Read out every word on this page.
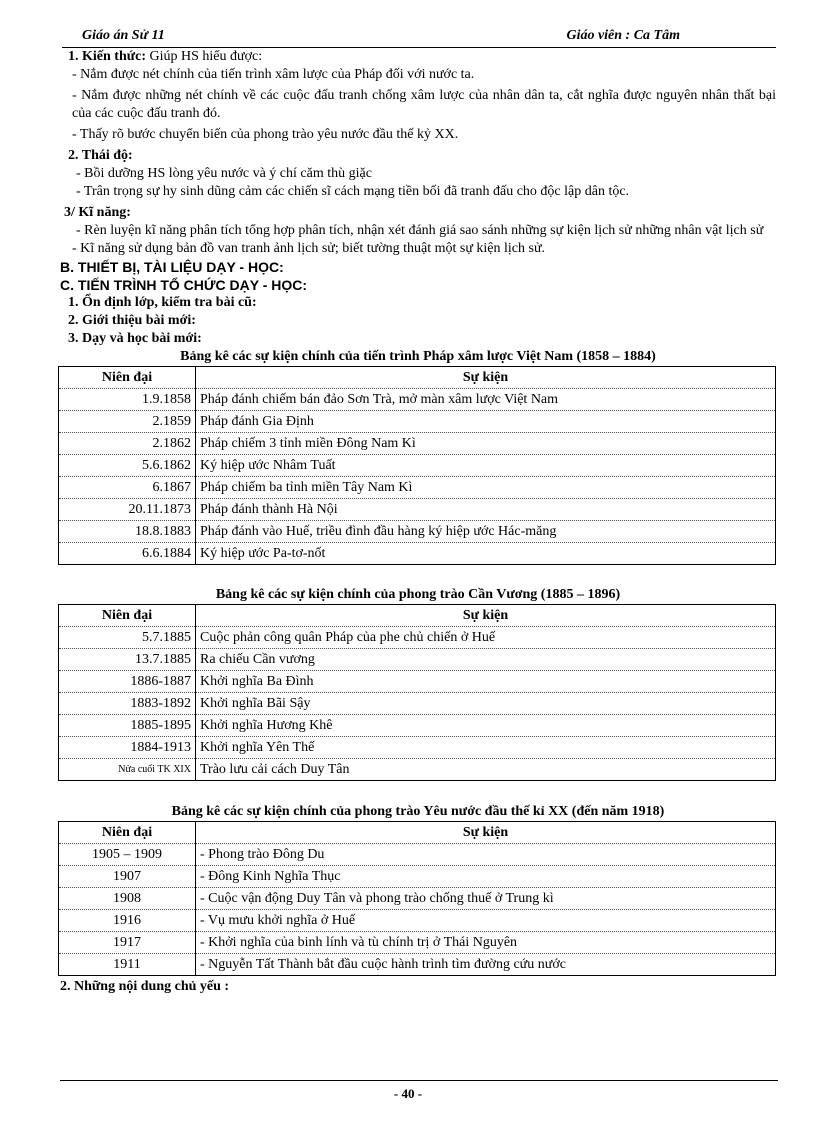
Giáo án Sử 11	Giáo viên : Ca Tâm

1. Kiến thức: Giúp HS hiểu được:

- Nắm được nét chính của tiến trình xâm lược của Pháp đối với nước ta.

- Nắm được những nét chính về các cuộc đấu tranh chống xâm lược của nhân dân ta, cắt nghĩa được nguyên nhân thất bại của các cuộc đấu tranh đó.

- Thấy rõ bước chuyển biến của phong trào yêu nước đầu thế kỷ XX.

2. Thái độ:

- Bồi dưỡng HS lòng yêu nước và ý chí căm thù giặc

- Trân trọng sự hy sinh dũng cảm các chiến sĩ cách mạng tiền bối đã tranh đấu cho độc lập dân tộc.

3/ Kĩ năng:

- Rèn luyện kĩ năng phân tích tổng hợp phân tích, nhận xét đánh giá sao sánh những sự kiện lịch sử những nhân vật lịch sử

- Kĩ năng sử dụng bản đồ van tranh ảnh lịch sử; biết tường thuật một sự kiện lịch sử.

B. THIẾT BỊ, TÀI LIỆU DẠY - HỌC:

C. TIẾN TRÌNH TỔ CHỨC DẠY - HỌC:

1. Ổn định lớp, kiểm tra bài cũ:

2. Giới thiệu bài mới:

3. Dạy và học bài mới:

Bảng kê các sự kiện chính của tiến trình Pháp xâm lược Việt Nam (1858 – 1884)

Niên đại	Sự kiện
1.9.1858	Pháp đánh chiếm bán đảo Sơn Trà, mở màn xâm lược Việt Nam
2.1859	Pháp đánh Gia Định
2.1862	Pháp chiếm 3 tỉnh miền Đông Nam Kì
5.6.1862	Ký hiệp ước Nhâm Tuất
6.1867	Pháp chiếm ba tỉnh miền Tây Nam Kì
20.11.1873	Pháp đánh thành Hà Nội
18.8.1883	Pháp đánh vào Huế, triều đình đầu hàng ký hiệp ước Hác-măng
6.6.1884	Ký hiệp ước Pa-tơ-nốt

Bảng kê các sự kiện chính của phong trào Cần Vương (1885 – 1896)

Niên đại	Sự kiện
5.7.1885	Cuộc phản công quân Pháp của phe chủ chiến ở Huế
13.7.1885	Ra chiếu Cần vương
1886-1887	Khởi nghĩa Ba Đình
1883-1892	Khởi nghĩa Bãi Sậy
1885-1895	Khởi nghĩa Hương Khê
1884-1913	Khởi nghĩa Yên Thế
Nửa cuối TK XIX	Trào lưu cải cách Duy Tân

Bảng kê các sự kiện chính của phong trào Yêu nước đầu thế kỉ XX (đến năm 1918)

Niên đại	Sự kiện
1905 – 1909	- Phong trào Đông Du
1907	- Đông Kinh Nghĩa Thục
1908	- Cuộc vận động Duy Tân và phong trào chống thuế ở Trung kì
1916	- Vụ mưu khởi nghĩa ở Huế
1917	- Khởi nghĩa của binh lính và tù chính trị ở Thái Nguyên
1911	- Nguyễn Tất Thành bắt đầu cuộc hành trình tìm đường cứu nước

2. Những nội dung chủ yếu :

- 40 -
